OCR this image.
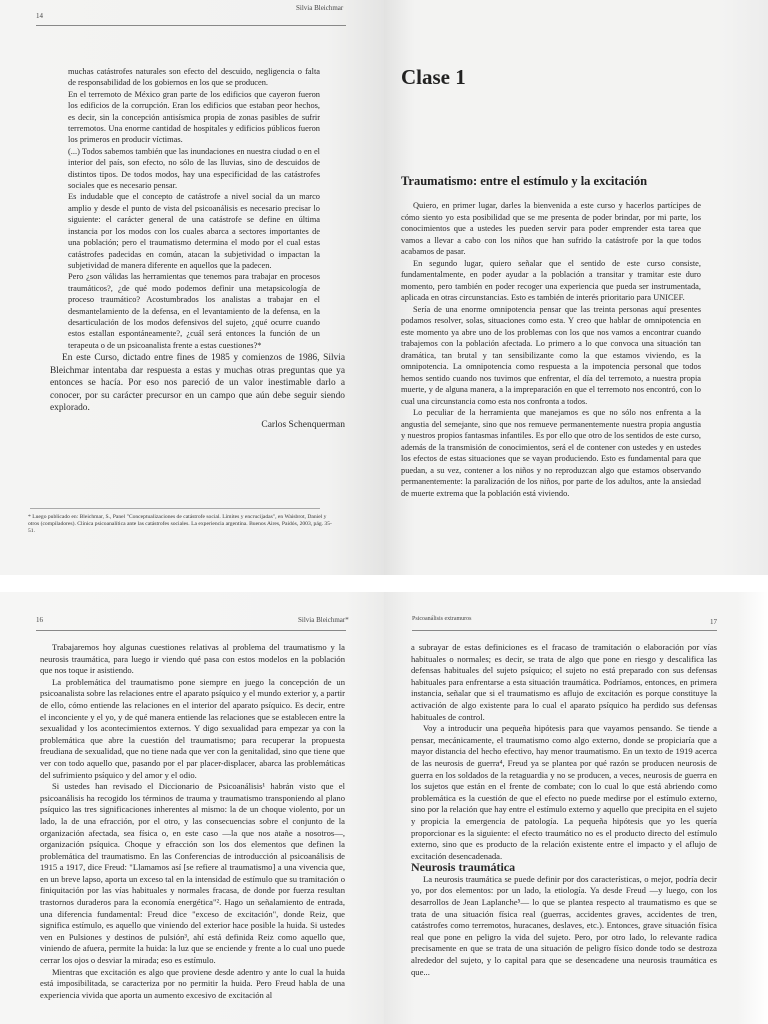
14
Silvia Bleichmar

muchas catástrofes naturales son efecto del descuido, negligencia o falta de responsabilidad de los gobiernos en los que se producen.

En el terremoto de México gran parte de los edificios que cayeron fueron los edificios de la corrupción. Eran los edificios que estaban peor hechos, es decir, sin la concepción antisísmica propia de zonas pasibles de sufrir terremotos. Una enorme cantidad de hospitales y edificios públicos fueron los primeros en producir víctimas.

(...) Todos sabemos también que las inundaciones en nuestra ciudad o en el interior del país, son efecto, no sólo de las lluvias, sino de descuidos de distintos tipos. De todos modos, hay una especificidad de las catástrofes sociales que es necesario pensar.

Es indudable que el concepto de catástrofe a nivel social da un marco amplio y desde el punto de vista del psicoanálisis es necesario precisar lo siguiente: el carácter general de una catástrofe se define en última instancia por los modos con los cuales abarca a sectores importantes de una población; pero el traumatismo determina el modo por el cual estas catástrofes padecidas en común, atacan la subjetividad o impactan la subjetividad de manera diferente en aquellos que la padecen.

Pero ¿son válidas las herramientas que tenemos para trabajar en procesos traumáticos?, ¿de qué modo podemos definir una metapsicología de proceso traumático? Acostumbrados los analistas a trabajar en el desmantelamiento de la defensa, en el levantamiento de la defensa, en la desarticulación de los modos defensivos del sujeto, ¿qué ocurre cuando estos estallan espontáneamente?, ¿cuál será entonces la función de un terapeuta o de un psicoanalista frente a estas cuestiones?*

En este Curso, dictado entre fines de 1985 y comienzos de 1986, Silvia Bleichmar intentaba dar respuesta a estas y muchas otras preguntas que ya entonces se hacía. Por eso nos pareció de un valor inestimable darlo a conocer, por su carácter precursor en un campo que aún debe seguir siendo explorado.

Carlos Schenquerman
* Luego publicado en: Bleichmar, S., Panel "Conceptualizaciones de catástrofe social. Límites y encrucijadas", en Waisbrot, Daniel y otros (compiladores). Clínica psicoanalítica ante las catástrofes sociales. La experiencia argentina. Buenos Aires, Paidós, 2003, pág. 35-51.
Clase 1
Traumatismo: entre el estímulo y la excitación

Quiero, en primer lugar, darles la bienvenida a este curso y hacerlos partícipes de cómo siento yo esta posibilidad que se me presenta de poder brindar, por mi parte, los conocimientos que a ustedes les pueden servir para poder emprender esta tarea que vamos a llevar a cabo con los niños que han sufrido la catástrofe por la que todos acabamos de pasar.

En segundo lugar, quiero señalar que el sentido de este curso consiste, fundamentalmente, en poder ayudar a la población a transitar y tramitar este duro momento, pero también en poder recoger una experiencia que pueda ser instrumentada, aplicada en otras circunstancias. Esto es también de interés prioritario para UNICEF.

Sería de una enorme omnipotencia pensar que las treinta personas aquí presentes podamos resolver, solas, situaciones como esta. Y creo que hablar de omnipotencia en este momento ya abre uno de los problemas con los que nos vamos a encontrar cuando trabajemos con la población afectada. Lo primero a lo que convoca una situación tan dramática, tan brutal y tan sensibilizante como la que estamos viviendo, es la omnipotencia. La omnipotencia como respuesta a la impotencia personal que todos hemos sentido cuando nos tuvimos que enfrentar, el día del terremoto, a nuestra propia muerte, y de alguna manera, a la impreparación en que el terremoto nos encontró, con lo cual una circunstancia como esta nos confronta a todos.

Lo peculiar de la herramienta que manejamos es que no sólo nos enfrenta a la angustia del semejante, sino que nos remueve permanentemente nuestra propia angustia y nuestros propios fantasmas infantiles. Es por ello que otro de los sentidos de este curso, además de la transmisión de conocimientos, será el de contener con ustedes y en ustedes los efectos de estas situaciones que se vayan produciendo. Esto es fundamental para que puedan, a su vez, contener a los niños y no reproduzcan algo que estamos observando permanentemente: la paralización de los niños, por parte de los adultos, ante la ansiedad de muerte extrema que la población está viviendo.

16	Silvia Bleichmar*

Trabajaremos hoy algunas cuestiones relativas al problema del traumatismo y la neurosis traumática, para luego ir viendo qué pasa con estos modelos en la población que nos toque ir asistiendo.

La problemática del traumatismo pone siempre en juego la concepción de un psicoanalista sobre las relaciones entre el aparato psíquico y el mundo exterior y, a partir de ello, cómo entiende las relaciones en el interior del aparato psíquico. Es decir, entre el inconciente y el yo, y de qué manera entiende las relaciones que se establecen entre la sexualidad y los acontecimientos externos. Y digo sexualidad para empezar ya con la problemática que abre la cuestión del traumatismo; para recuperar la propuesta freudiana de sexualidad, que no tiene nada que ver con la genitalidad, sino que tiene que ver con todo aquello que, pasando por el par placer-displacer, abarca las problemáticas del sufrimiento psíquico y del amor y el odio.

Si ustedes han revisado el Diccionario de Psicoanálisis¹ habrán visto que el psicoanálisis ha recogido los términos de trauma y traumatismo transponiendo al plano psíquico las tres significaciones inherentes al mismo: la de un choque violento, por un lado, la de una efracción, por el otro, y las consecuencias sobre el conjunto de la organización afectada, sea física o, en este caso —la que nos atañe a nosotros—, organización psíquica. Choque y efracción son los dos elementos que definen la problemática del traumatismo. En las Conferencias de introducción al psicoanálisis de 1915 a 1917, dice Freud: "Llamamos así [se refiere al traumatismo] a una vivencia que, en un breve lapso, aporta un exceso tal en la intensidad de estímulo que su tramitación o finiquitación por las vías habituales y normales fracasa, de donde por fuerza resultan trastornos duraderos para la economía energética"². Hago un señalamiento de entrada, una diferencia fundamental: Freud dice "exceso de excitación", donde Reiz, que significa estímulo, es aquello que viniendo del exterior hace posible la huida. Si ustedes ven en Pulsiones y destinos de pulsión³, ahí está definida Reiz como aquello que, viniendo de afuera, permite la huida: la luz que se enciende y frente a lo cual uno puede cerrar los ojos o desviar la mirada; eso es estímulo.

Mientras que excitación es algo que proviene desde adentro y ante lo cual la huida está imposibilitada, se caracteriza por no permitir la huida. Pero Freud habla de una experiencia vivida que aporta un aumento excesivo de excitación al

Psicoanálisis extramuros	17

a subrayar de estas definiciones es el fracaso de tramitación o elaboración por vías habituales o normales; es decir, se trata de algo que pone en riesgo y descalifica las defensas habituales del sujeto psíquico; el sujeto no está preparado con sus defensas habituales para enfrentarse a esta situación traumática. Podríamos, entonces, en primera instancia, señalar que si el traumatismo es aflujo de excitación es porque constituye la activación de algo existente para lo cual el aparato psíquico ha perdido sus defensas habituales de control.

Voy a introducir una pequeña hipótesis para que vayamos pensando. Se tiende a pensar, mecánicamente, el traumatismo como algo externo, donde se propiciaría que a mayor distancia del hecho efectivo, hay menor traumatismo. En un texto de 1919 acerca de las neurosis de guerra⁴, Freud ya se plantea por qué razón se producen neurosis de guerra en los soldados de la retaguardia y no se producen, a veces, neurosis de guerra en los sujetos que están en el frente de combate; con lo cual lo que está abriendo como problemática es la cuestión de que el efecto no puede medirse por el estímulo externo, sino por la relación que hay entre el estímulo externo y aquello que precipita en el sujeto y propicia la emergencia de patología. La pequeña hipótesis que yo les quería proporcionar es la siguiente: el efecto traumático no es el producto directo del estímulo externo, sino que es producto de la relación existente entre el impacto y el aflujo de excitación desencadenada.

Neurosis traumática

La neurosis traumática se puede definir por dos características, o mejor, podría decir yo, por dos elementos: por un lado, la etiología. Ya desde Freud —y luego, con los desarrollos de Jean Laplanche⁵— lo que se plantea respecto al traumatismo es que se trata de una situación física real (guerras, accidentes graves, accidentes de tren, catástrofes como terremotos, huracanes, deslaves, etc.). Entonces, grave situación física real que pone en peligro la vida del sujeto. Pero, por otro lado, lo relevante radica precisamente en que se trata de una situación de peligro físico donde todo se destroza alrededor del sujeto, y lo capital para que se desencadene una neurosis traumática es que...
